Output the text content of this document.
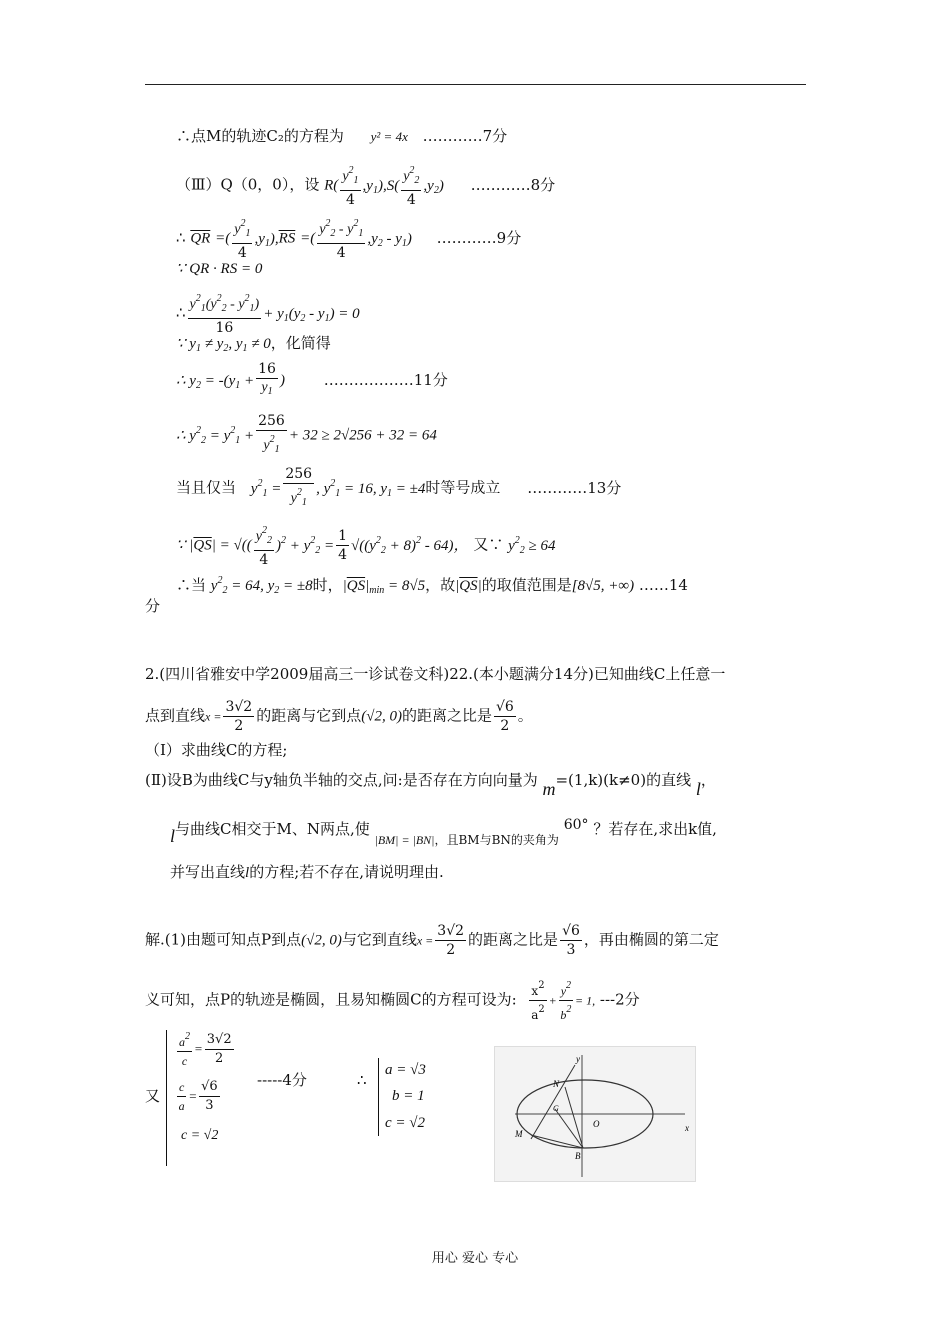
∴点M的轨迹C₂的方程为 y² = 4x …………7分
（Ⅲ）Q（0，0），设 $R( \frac{y^2_1}{4} ,y_1),S( \frac{y^2_2}{4} ,y_2)$ …………8分
∴ $\overline{QR}$ =( $\frac{y^2_1}{4} ,y_1),\overline{RS}$ =( $\frac{y^2_2 - y^2_1}{4} ,y_2 - y_1$) …………9分
∵ QR · RS = 0
∴ $\frac{y^2_1(y^2_2 - y^2_1)}{16} + y_1(y_2 - y_1) = 0$
∵ $y_1 \ne y_2$, $y_1 \ne 0$，化简得
∴ $y_2 = -(y_1 + \frac{16}{y_1}$ )	………………11分
∴ $y^2_2 = y^2_1 + \frac{256}{y^2_1} + 32 \ge 2√256 + 32 = 64$
当且仅当 $y^2_1 = \frac{256}{y^2_1}$ , $y^2_1 = 16$, $y_1 = \pm 4$时等号成立 …………13分
∵ $|\overline{QS}|$ = √(( $\frac{y^2_2}{4} )^2 + y^2_2 = \frac{1}{4} √((y^2_2 + 8)^2 - 64)$， 又∵ $y^2_2 \ge 64$
∴当 $y^2_2 = 64$, $y_2 = \pm 8$时，$|\overline{QS}|_{min} = 8√5$，故$|\overline{QS}|$的取值范围是[8√5, +∞) ……14
分
2.(四川省雅安中学2009届高三一诊试卷文科)22.(本小题满分14分)已知曲线C上任意一
点到直线$x = \frac{3√2}{2}$ 的距离与它到点(√2, 0)的距离之比是 $\frac{√6}{2}$ 。
（Ⅰ）求曲线C的方程;
(Ⅱ)设B为曲线C与y轴负半轴的交点,问:是否存在方向向量为 m=(1,k)(k≠0)的直线 l，
l与曲线C相交于M、N两点,使 $_{|BM| = |BN|,且BM与BN的夹角为}$ 60° ？若存在,求出k值,
并写出直线l的方程;若不存在,请说明理由.
解.(1)由题可知点P到点(√2, 0)与它到直线$x = \frac{3√2}{2}$ 的距离之比是 $\frac{√6}{3}$ ，再由椭圆的第二定
义可知，点P的轨迹是椭圆，且易知椭圆C的方程可设为: $\frac{x^2}{a^2} + \frac{y^2}{b^2} = 1$, ---2分
又
$\frac{a^2}{c} = \frac{3√2}{2}$
$\frac{c}{a} = \frac{√6}{3}$
c = √2
-----4分	∴
a = √3
b = 1
c = √2
y
N
G
O	x
M
B
用心 爱心 专心
